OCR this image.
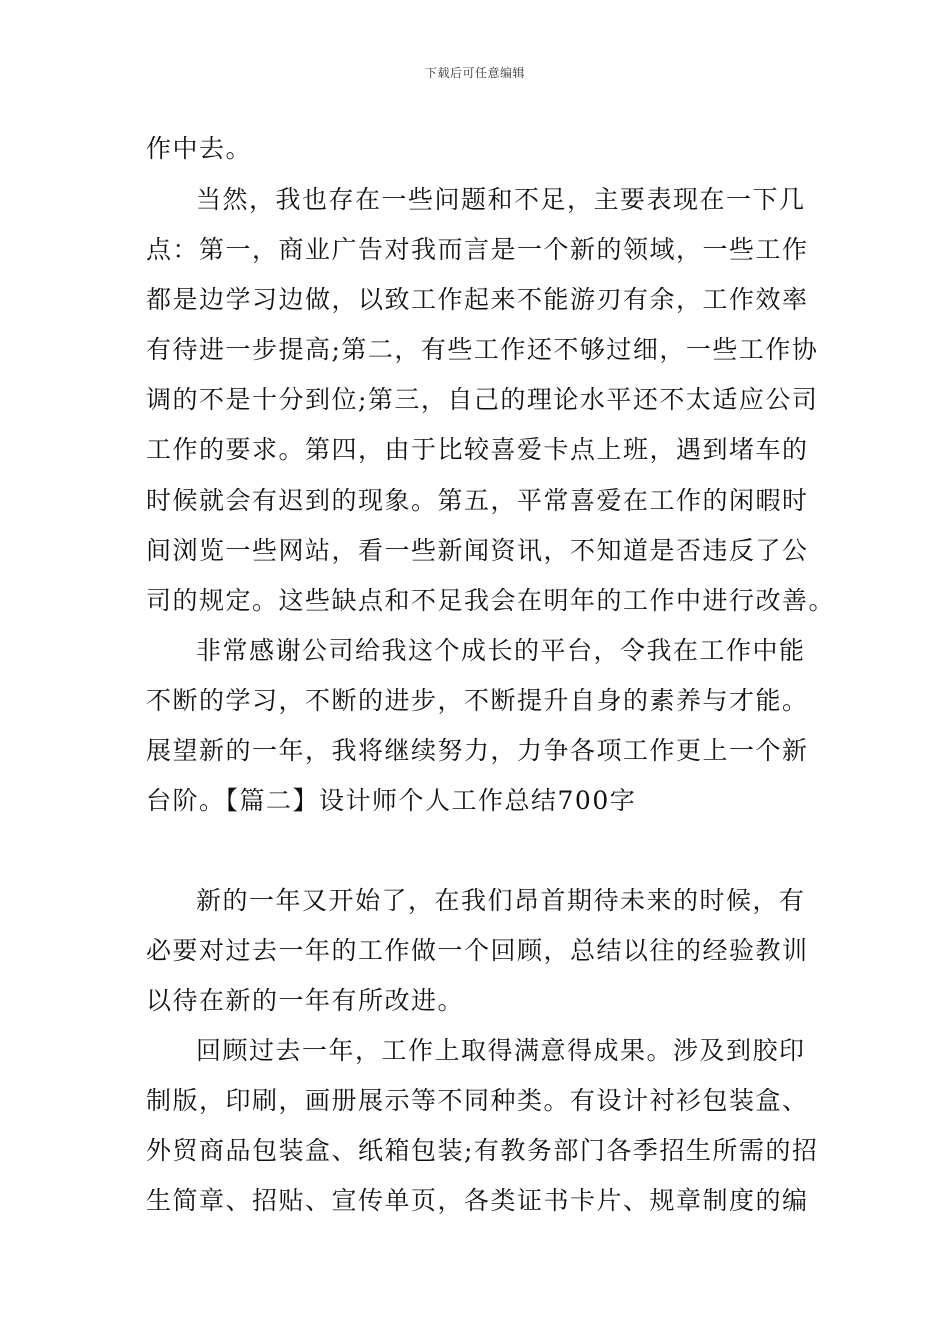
下载后可任意编辑
作中去。
当然，我也存在一些问题和不足，主要表现在一下几
点：第一，商业广告对我而言是一个新的领域，一些工作
都是边学习边做，以致工作起来不能游刃有余，工作效率
有待进一步提高;第二，有些工作还不够过细，一些工作协
调的不是十分到位;第三，自己的理论水平还不太适应公司
工作的要求。第四，由于比较喜爱卡点上班，遇到堵车的
时候就会有迟到的现象。第五，平常喜爱在工作的闲暇时
间浏览一些网站，看一些新闻资讯，不知道是否违反了公
司的规定。这些缺点和不足我会在明年的工作中进行改善。
非常感谢公司给我这个成长的平台，令我在工作中能
不断的学习，不断的进步，不断提升自身的素养与才能。
展望新的一年，我将继续努力，力争各项工作更上一个新
台阶。【篇二】设计师个人工作总结700字
新的一年又开始了，在我们昂首期待未来的时候，有
必要对过去一年的工作做一个回顾，总结以往的经验教训
以待在新的一年有所改进。
回顾过去一年，工作上取得满意得成果。涉及到胶印
制版，印刷，画册展示等不同种类。有设计衬衫包装盒、
外贸商品包装盒、纸箱包装;有教务部门各季招生所需的招
生简章、招贴、宣传单页，各类证书卡片、规章制度的编
